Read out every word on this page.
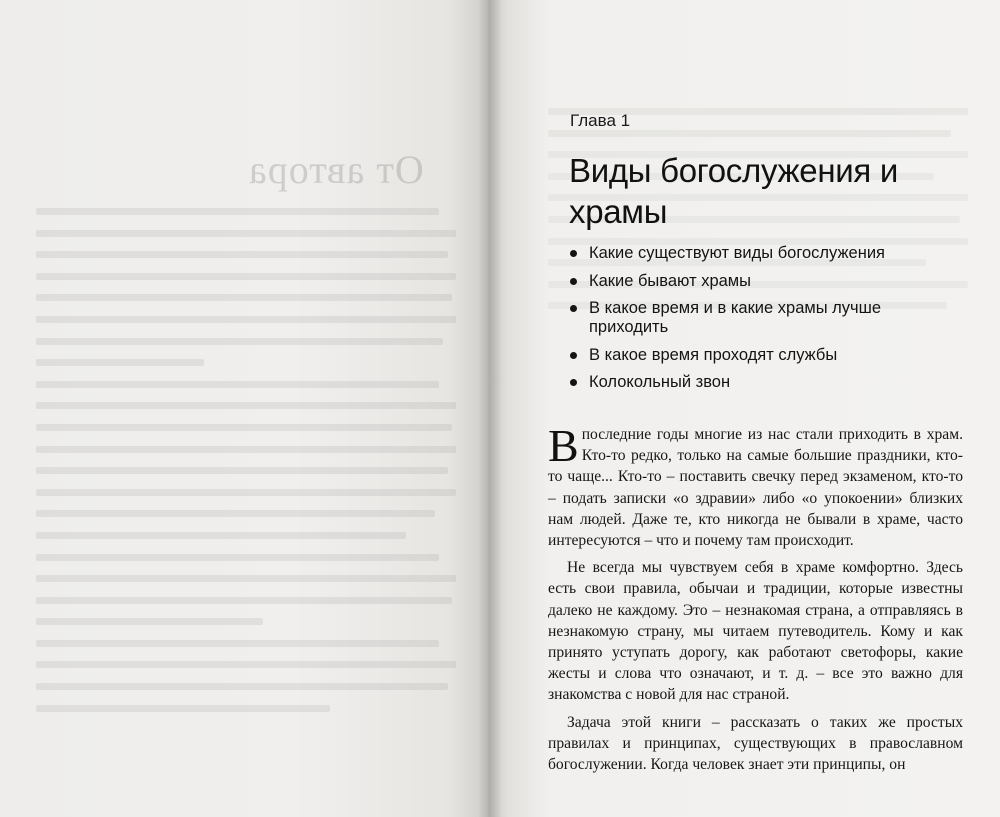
От автора
Глава 1
Виды богослужения и храмы
Какие существуют виды богослужения
Какие бывают храмы
В какое время и в какие храмы лучше приходить
В какое время проходят службы
Колокольный звон

В последние годы многие из нас стали приходить в храм. Кто-то редко, только на самые большие праздники, кто-то чаще... Кто-то – поставить свечку перед экзаменом, кто-то – подать записки «о здравии» либо «о упокоении» близких нам людей. Даже те, кто никогда не бывали в храме, часто интересуются – что и почему там происходит.

Не всегда мы чувствуем себя в храме комфортно. Здесь есть свои правила, обычаи и традиции, которые известны далеко не каждому. Это – незнакомая страна, а отправляясь в незнакомую страну, мы читаем путеводитель. Кому и как принято уступать дорогу, как работают светофоры, какие жесты и слова что означают, и т. д. – все это важно для знакомства с новой для нас страной.

Задача этой книги – рассказать о таких же простых правилах и принципах, существующих в православном богослужении. Когда человек знает эти принципы, он
